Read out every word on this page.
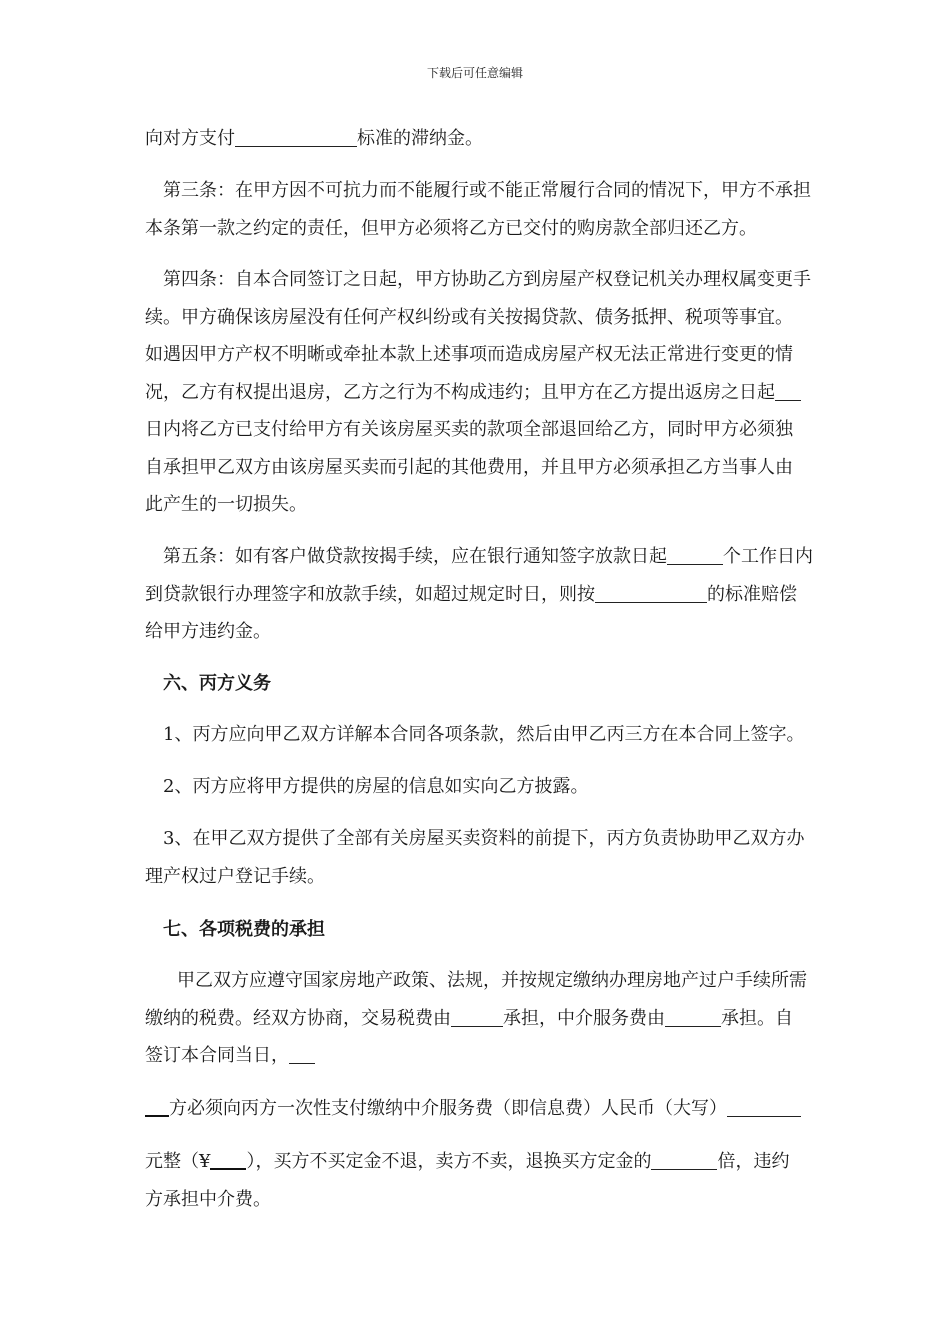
下载后可任意编辑
向对方支付	标准的滞纳金。
第三条：在甲方因不可抗力而不能履行或不能正常履行合同的情况下，甲方不承担
本条第一款之约定的责任，但甲方必须将乙方已交付的购房款全部归还乙方。
第四条：自本合同签订之日起，甲方协助乙方到房屋产权登记机关办理权属变更手
续。甲方确保该房屋没有任何产权纠纷或有关按揭贷款、债务抵押、税项等事宜。
如遇因甲方产权不明晰或牵扯本款上述事项而造成房屋产权无法正常进行变更的情
况，乙方有权提出退房，乙方之行为不构成违约；且甲方在乙方提出返房之日起
日内将乙方已支付给甲方有关该房屋买卖的款项全部退回给乙方，同时甲方必须独
自承担甲乙双方由该房屋买卖而引起的其他费用，并且甲方必须承担乙方当事人由
此产生的一切损失。
第五条：如有客户做贷款按揭手续，应在银行通知签字放款日起	个工作日内
到贷款银行办理签字和放款手续，如超过规定时日，则按	的标准赔偿
给甲方违约金。
六、丙方义务
1、丙方应向甲乙双方详解本合同各项条款，然后由甲乙丙三方在本合同上签字。
2、丙方应将甲方提供的房屋的信息如实向乙方披露。
3、在甲乙双方提供了全部有关房屋买卖资料的前提下，丙方负责协助甲乙双方办
理产权过户登记手续。
七、各项税费的承担
甲乙双方应遵守国家房地产政策、法规，并按规定缴纳办理房地产过户手续所需
缴纳的税费。经双方协商，交易税费由	承担，中介服务费由	承担。自
签订本合同当日，
方必须向丙方一次性支付缴纳中介服务费（即信息费）人民币（大写）
元整（¥ ），买方不买定金不退，卖方不卖，退换买方定金的	倍，违约
方承担中介费。
